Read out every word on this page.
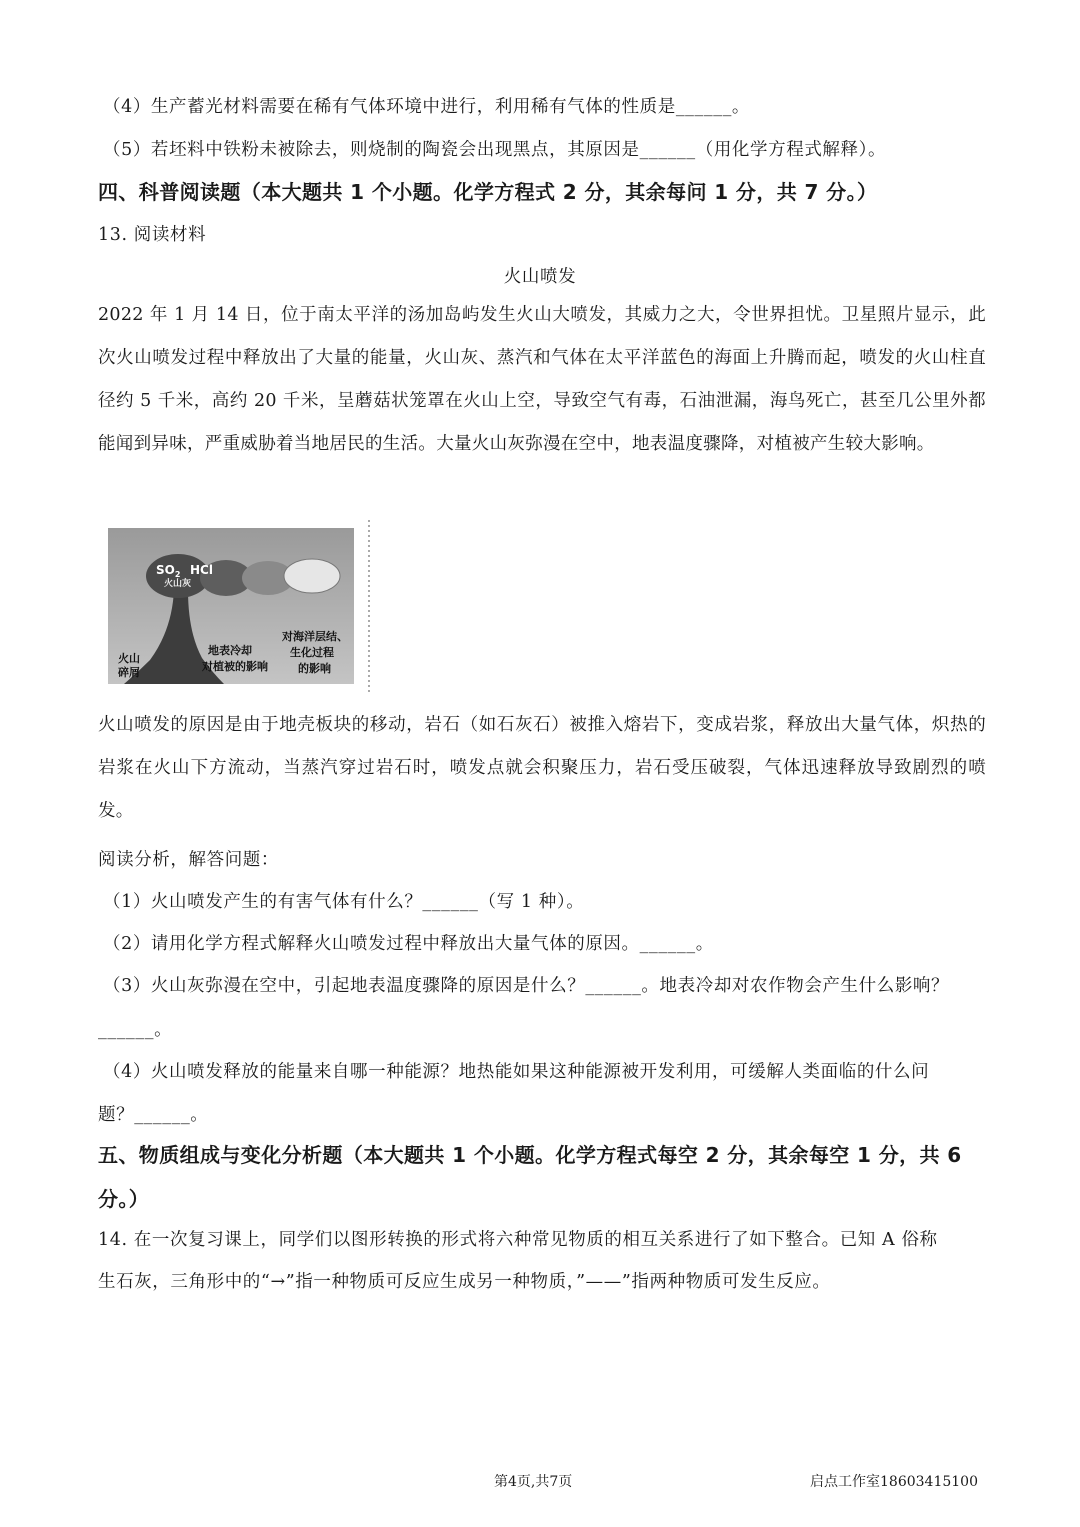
（4）生产蓄光材料需要在稀有气体环境中进行，利用稀有气体的性质是______。
（5）若坯料中铁粉未被除去，则烧制的陶瓷会出现黑点，其原因是______（用化学方程式解释）。
四、科普阅读题（本大题共 1 个小题。化学方程式 2 分，其余每问 1 分，共 7 分。）
13. 阅读材料
火山喷发
2022 年 1 月 14 日，位于南太平洋的汤加岛屿发生火山大喷发，其威力之大，令世界担忧。卫星照片显示，此次火山喷发过程中释放出了大量的能量，火山灰、蒸汽和气体在太平洋蓝色的海面上升腾而起，喷发的火山柱直径约 5 千米，高约 20 千米，呈蘑菇状笼罩在火山上空，导致空气有毒，石油泄漏，海鸟死亡，甚至几公里外都能闻到异味，严重威胁着当地居民的生活。大量火山灰弥漫在空中，地表温度骤降，对植被产生较大影响。
$SO_2$ HCl
火山灰
火山
碎屑
地表冷却
对植被的影响
对海洋层结、
生化过程
的影响
火山喷发的原因是由于地壳板块的移动，岩石（如石灰石）被推入熔岩下，变成岩浆，释放出大量气体，炽热的岩浆在火山下方流动，当蒸汽穿过岩石时，喷发点就会积聚压力，岩石受压破裂，气体迅速释放导致剧烈的喷发。
阅读分析，解答问题：
（1）火山喷发产生的有害气体有什么？______（写 1 种）。
（2）请用化学方程式解释火山喷发过程中释放出大量气体的原因。______。
（3）火山灰弥漫在空中，引起地表温度骤降的原因是什么？______。地表冷却对农作物会产生什么影响？
______。
（4）火山喷发释放的能量来自哪一种能源？地热能如果这种能源被开发利用，可缓解人类面临的什么问
题？______。
五、物质组成与变化分析题（本大题共 1 个小题。化学方程式每空 2 分，其余每空 1 分，共 6
分。）
14. 在一次复习课上，同学们以图形转换的形式将六种常见物质的相互关系进行了如下整合。已知 A 俗称
生石灰，三角形中的“→”指一种物质可反应生成另一种物质，”——”指两种物质可发生反应。
第4页,共7页	启点工作室18603415100
